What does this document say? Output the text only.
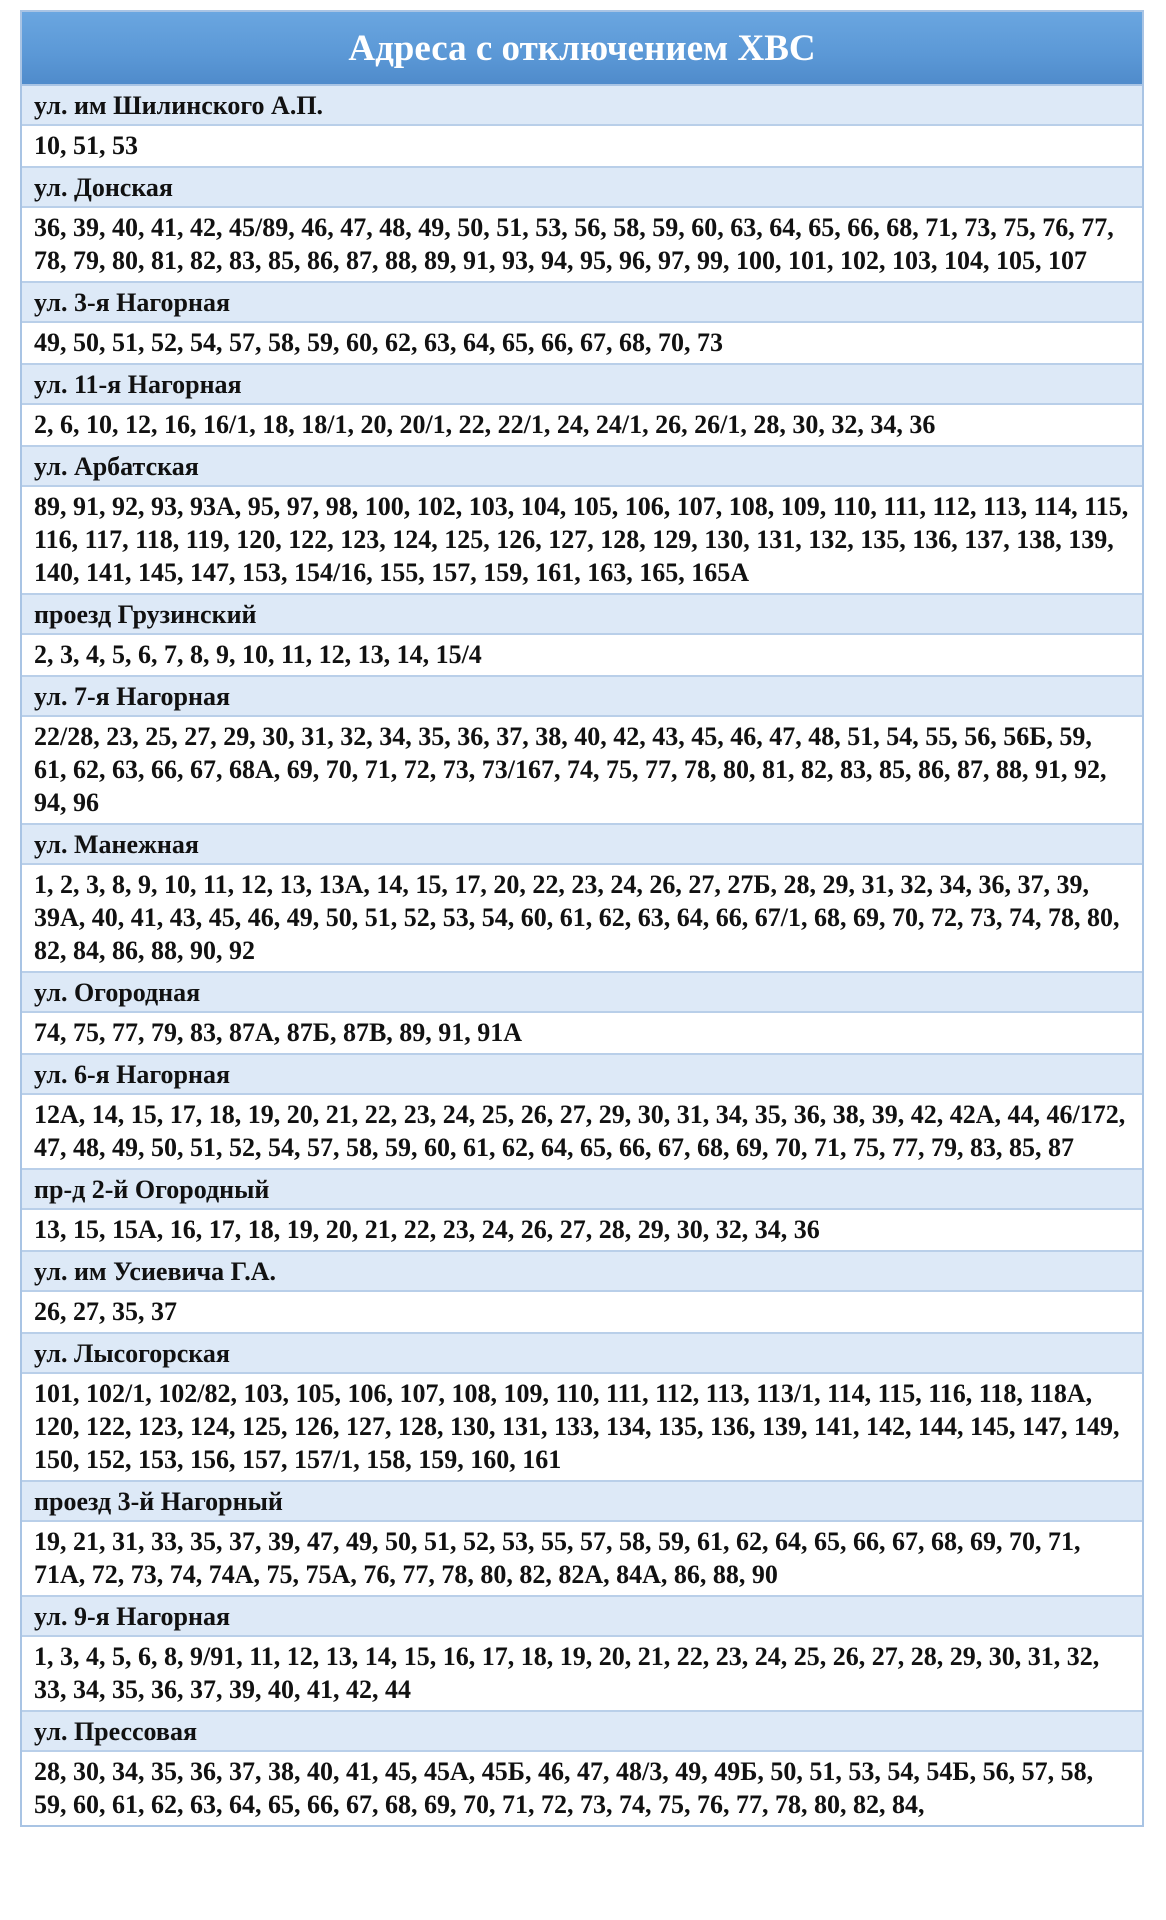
Адреса с отключением ХВС
ул. им Шилинского А.П.
10, 51, 53
ул. Донская
36, 39, 40, 41, 42, 45/89, 46, 47, 48, 49, 50, 51, 53, 56, 58, 59, 60, 63, 64, 65, 66, 68, 71, 73, 75, 76, 77, 78, 79, 80, 81, 82, 83, 85, 86, 87, 88, 89, 91, 93, 94, 95, 96, 97, 99, 100, 101, 102, 103, 104, 105, 107
ул. 3-я Нагорная
49, 50, 51, 52, 54, 57, 58, 59, 60, 62, 63, 64, 65, 66, 67, 68, 70, 73
ул. 11-я Нагорная
2, 6, 10, 12, 16, 16/1, 18, 18/1, 20, 20/1, 22, 22/1, 24, 24/1, 26, 26/1, 28, 30, 32, 34, 36
ул. Арбатская
89, 91, 92, 93, 93А, 95, 97, 98, 100, 102, 103, 104, 105, 106, 107, 108, 109, 110, 111, 112, 113, 114, 115, 116, 117, 118, 119, 120, 122, 123, 124, 125, 126, 127, 128, 129, 130, 131, 132, 135, 136, 137, 138, 139, 140, 141, 145, 147, 153, 154/16, 155, 157, 159, 161, 163, 165, 165А
проезд Грузинский
2, 3, 4, 5, 6, 7, 8, 9, 10, 11, 12, 13, 14, 15/4
ул. 7-я Нагорная
22/28, 23, 25, 27, 29, 30, 31, 32, 34, 35, 36, 37, 38, 40, 42, 43, 45, 46, 47, 48, 51, 54, 55, 56, 56Б, 59, 61, 62, 63, 66, 67, 68А, 69, 70, 71, 72, 73, 73/167, 74, 75, 77, 78, 80, 81, 82, 83, 85, 86, 87, 88, 91, 92, 94, 96
ул. Манежная
1, 2, 3, 8, 9, 10, 11, 12, 13, 13А, 14, 15, 17, 20, 22, 23, 24, 26, 27, 27Б, 28, 29, 31, 32, 34, 36, 37, 39, 39А, 40, 41, 43, 45, 46, 49, 50, 51, 52, 53, 54, 60, 61, 62, 63, 64, 66, 67/1, 68, 69, 70, 72, 73, 74, 78, 80, 82, 84, 86, 88, 90, 92
ул. Огородная
74, 75, 77, 79, 83, 87А, 87Б, 87В, 89, 91, 91А
ул. 6-я Нагорная
12А, 14, 15, 17, 18, 19, 20, 21, 22, 23, 24, 25, 26, 27, 29, 30, 31, 34, 35, 36, 38, 39, 42, 42А, 44, 46/172, 47, 48, 49, 50, 51, 52, 54, 57, 58, 59, 60, 61, 62, 64, 65, 66, 67, 68, 69, 70, 71, 75, 77, 79, 83, 85, 87
пр-д 2-й Огородный
13, 15, 15А, 16, 17, 18, 19, 20, 21, 22, 23, 24, 26, 27, 28, 29, 30, 32, 34, 36
ул. им Усиевича Г.А.
26, 27, 35, 37
ул. Лысогорская
101, 102/1, 102/82, 103, 105, 106, 107, 108, 109, 110, 111, 112, 113, 113/1, 114, 115, 116, 118, 118А, 120, 122, 123, 124, 125, 126, 127, 128, 130, 131, 133, 134, 135, 136, 139, 141, 142, 144, 145, 147, 149, 150, 152, 153, 156, 157, 157/1, 158, 159, 160, 161
проезд 3-й Нагорный
19, 21, 31, 33, 35, 37, 39, 47, 49, 50, 51, 52, 53, 55, 57, 58, 59, 61, 62, 64, 65, 66, 67, 68, 69, 70, 71, 71А, 72, 73, 74, 74А, 75, 75А, 76, 77, 78, 80, 82, 82А, 84А, 86, 88, 90
ул. 9-я Нагорная
1, 3, 4, 5, 6, 8, 9/91, 11, 12, 13, 14, 15, 16, 17, 18, 19, 20, 21, 22, 23, 24, 25, 26, 27, 28, 29, 30, 31, 32, 33, 34, 35, 36, 37, 39, 40, 41, 42, 44
ул. Прессовая
28, 30, 34, 35, 36, 37, 38, 40, 41, 45, 45А, 45Б, 46, 47, 48/3, 49, 49Б, 50, 51, 53, 54, 54Б, 56, 57, 58, 59, 60, 61, 62, 63, 64, 65, 66, 67, 68, 69, 70, 71, 72, 73, 74, 75, 76, 77, 78, 80, 82, 84,
